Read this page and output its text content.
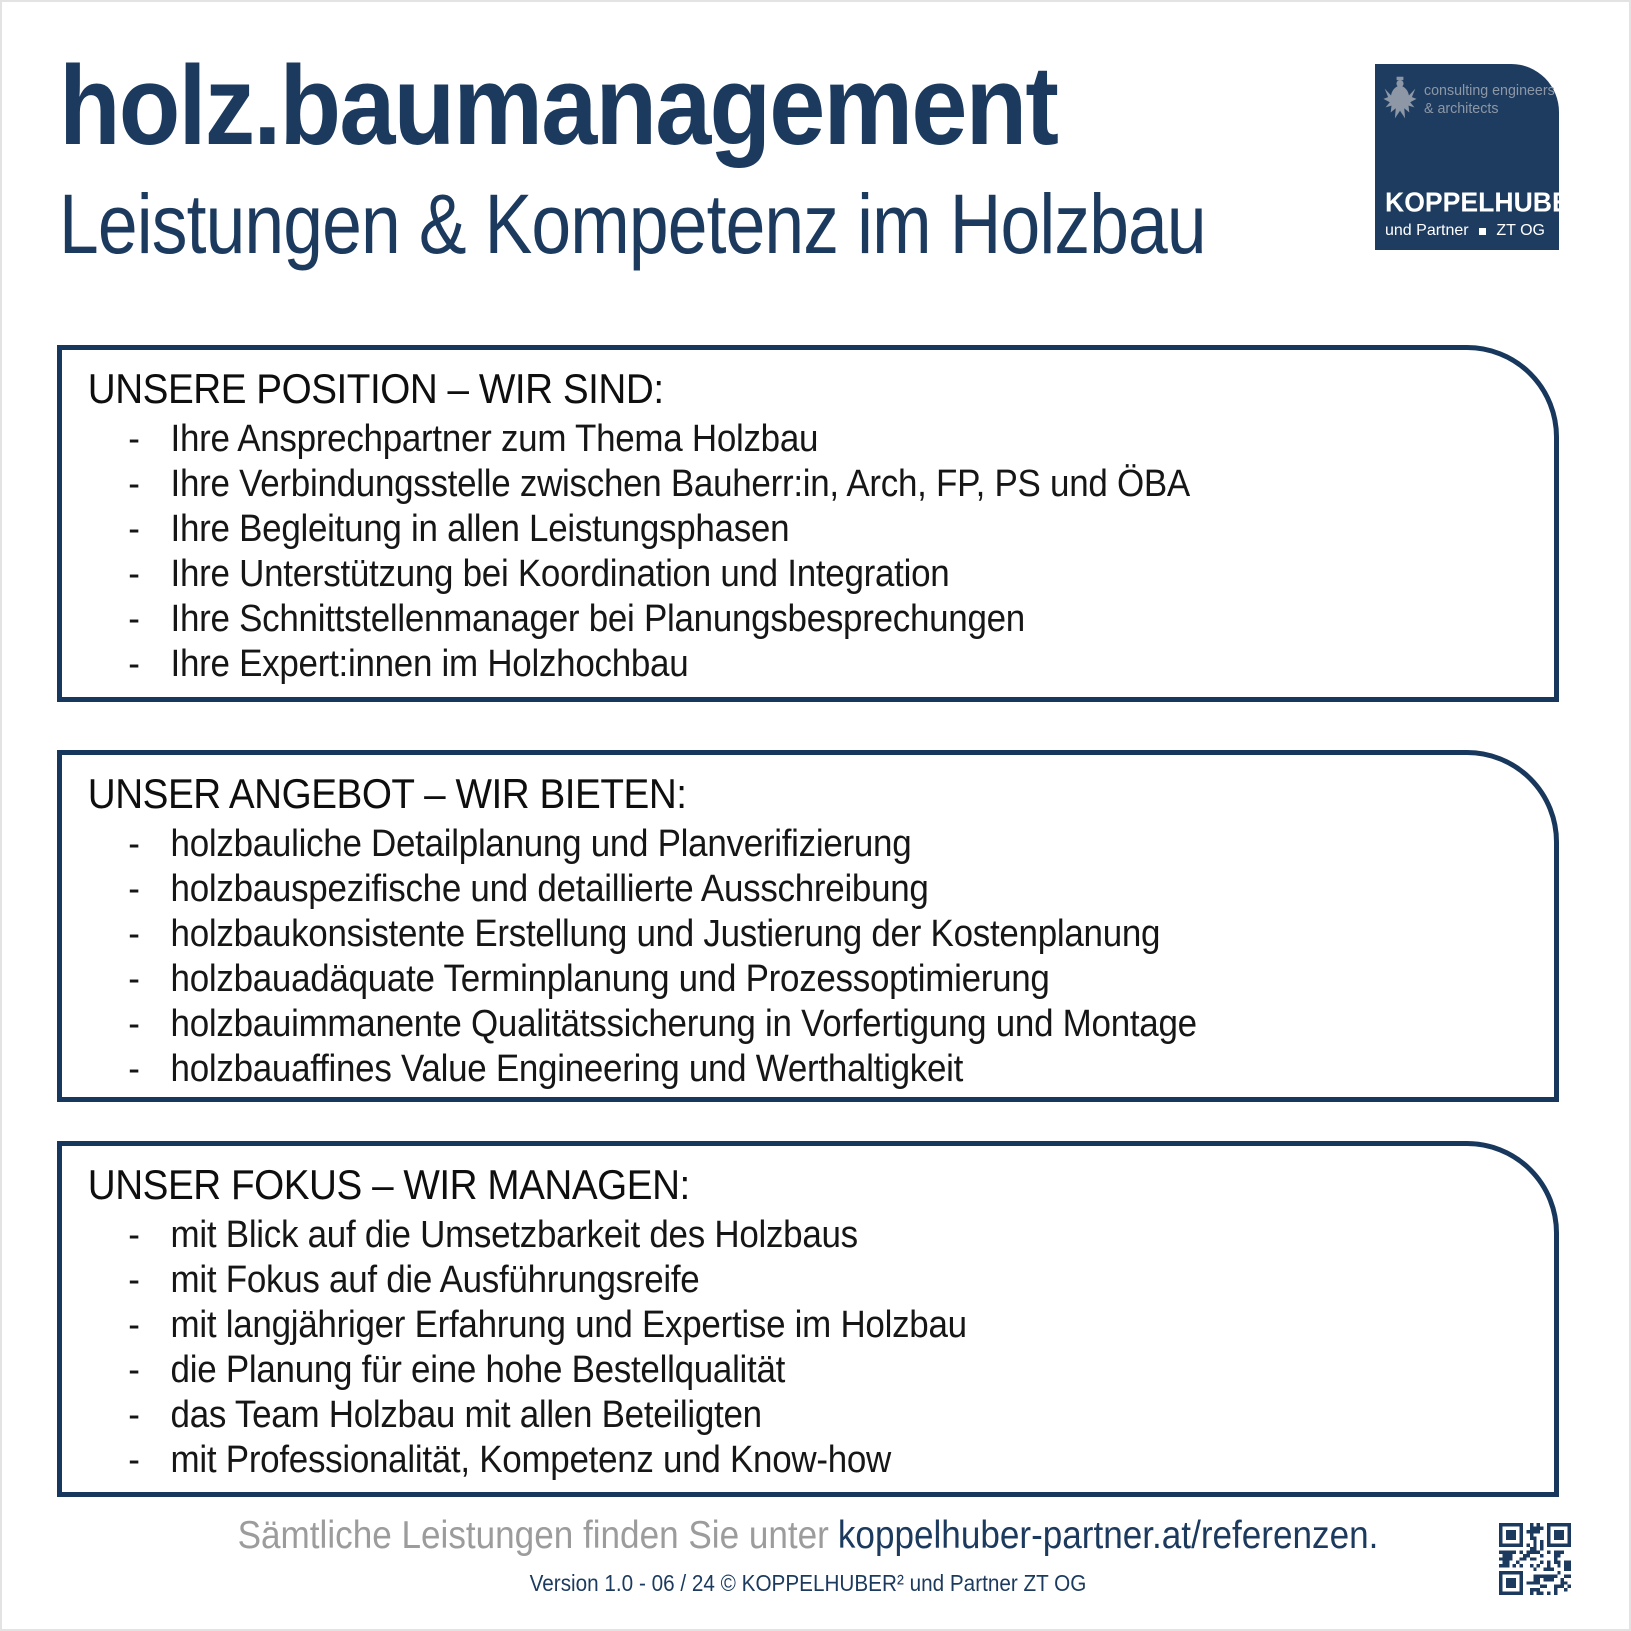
holz.baumanagement
Leistungen & Kompetenz im Holzbau
consulting engineers
& architects
KOPPELHUBER$^2$
und Partner ZT OG
UNSERE POSITION – WIR SIND:
- Ihre Ansprechpartner zum Thema Holzbau
- Ihre Verbindungsstelle zwischen Bauherr:in, Arch, FP, PS und ÖBA
- Ihre Begleitung in allen Leistungsphasen
- Ihre Unterstützung bei Koordination und Integration
- Ihre Schnittstellenmanager bei Planungsbesprechungen
- Ihre Expert:innen im Holzhochbau
UNSER ANGEBOT – WIR BIETEN:
- holzbauliche Detailplanung und Planverifizierung
- holzbauspezifische und detaillierte Ausschreibung
- holzbaukonsistente Erstellung und Justierung der Kostenplanung
- holzbauadäquate Terminplanung und Prozessoptimierung
- holzbauimmanente Qualitätssicherung in Vorfertigung und Montage
- holzbauaffines Value Engineering und Werthaltigkeit
UNSER FOKUS – WIR MANAGEN:
- mit Blick auf die Umsetzbarkeit des Holzbaus
- mit Fokus auf die Ausführungsreife
- mit langjähriger Erfahrung und Expertise im Holzbau
- die Planung für eine hohe Bestellqualität
- das Team Holzbau mit allen Beteiligten
- mit Professionalität, Kompetenz und Know-how
Sämtliche Leistungen finden Sie unter koppelhuber-partner.at/referenzen.
Version 1.0 - 06 / 24 © KOPPELHUBER² und Partner ZT OG
